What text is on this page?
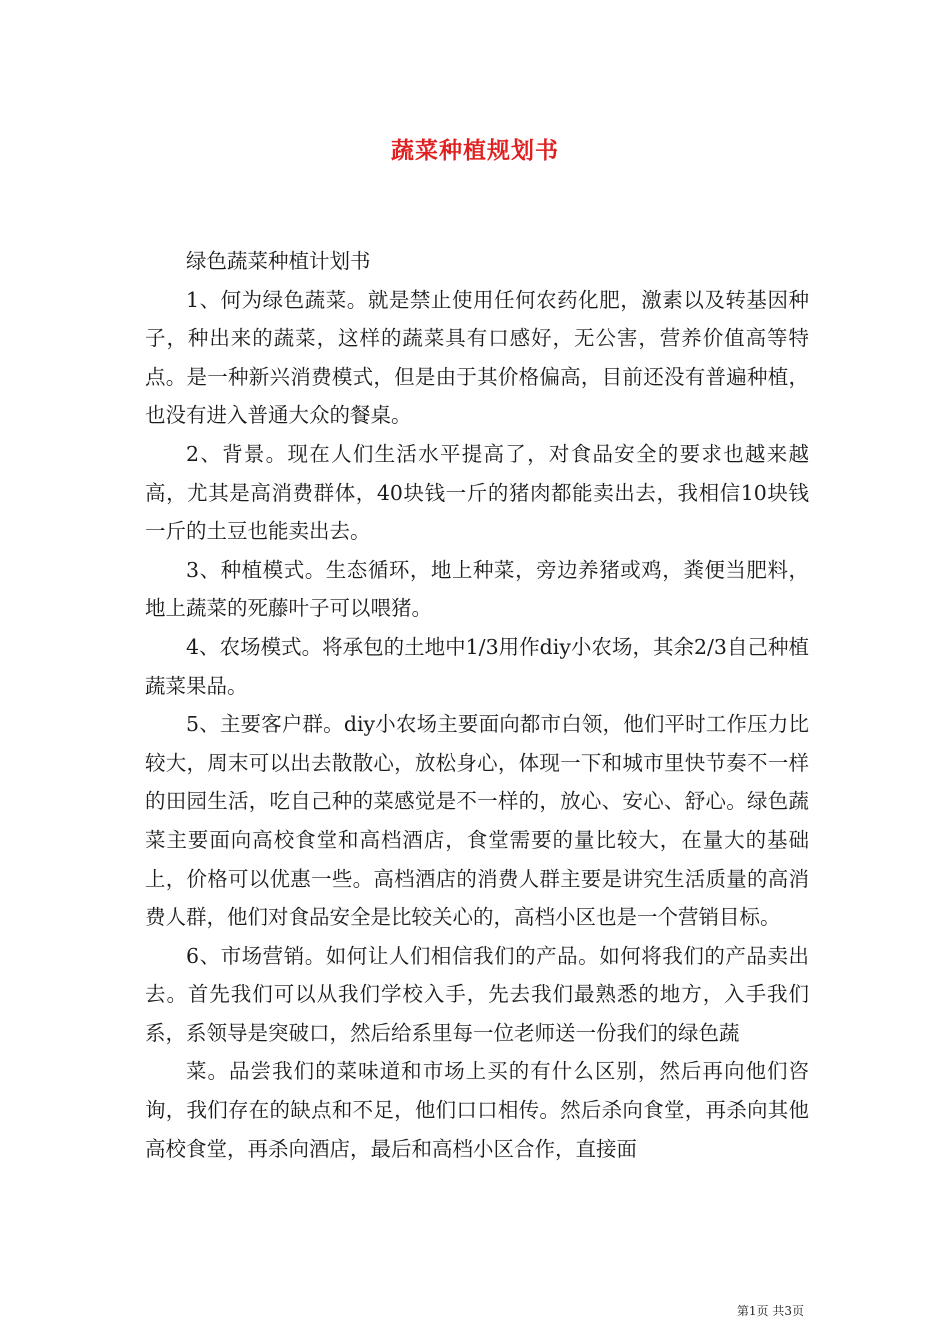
蔬菜种植规划书

绿色蔬菜种植计划书

1、何为绿色蔬菜。就是禁止使用任何农药化肥，激素以及转基因种子，种出来的蔬菜，这样的蔬菜具有口感好，无公害，营养价值高等特点。是一种新兴消费模式，但是由于其价格偏高，目前还没有普遍种植，也没有进入普通大众的餐桌。

2、背景。现在人们生活水平提高了，对食品安全的要求也越来越高，尤其是高消费群体，40块钱一斤的猪肉都能卖出去，我相信10块钱一斤的土豆也能卖出去。

3、种植模式。生态循环，地上种菜，旁边养猪或鸡，粪便当肥料，地上蔬菜的死藤叶子可以喂猪。

4、农场模式。将承包的土地中1/3用作diy小农场，其余2/3自己种植蔬菜果品。

5、主要客户群。diy小农场主要面向都市白领，他们平时工作压力比较大，周末可以出去散散心，放松身心，体现一下和城市里快节奏不一样的田园生活，吃自己种的菜感觉是不一样的，放心、安心、舒心。绿色蔬菜主要面向高校食堂和高档酒店，食堂需要的量比较大，在量大的基础上，价格可以优惠一些。高档酒店的消费人群主要是讲究生活质量的高消费人群，他们对食品安全是比较关心的，高档小区也是一个营销目标。

6、市场营销。如何让人们相信我们的产品。如何将我们的产品卖出去。首先我们可以从我们学校入手，先去我们最熟悉的地方，入手我们系，系领导是突破口，然后给系里每一位老师送一份我们的绿色蔬

菜。品尝我们的菜味道和市场上买的有什么区别，然后再向他们咨询，我们存在的缺点和不足，他们口口相传。然后杀向食堂，再杀向其他高校食堂，再杀向酒店，最后和高档小区合作，直接面

第1页 共3页
